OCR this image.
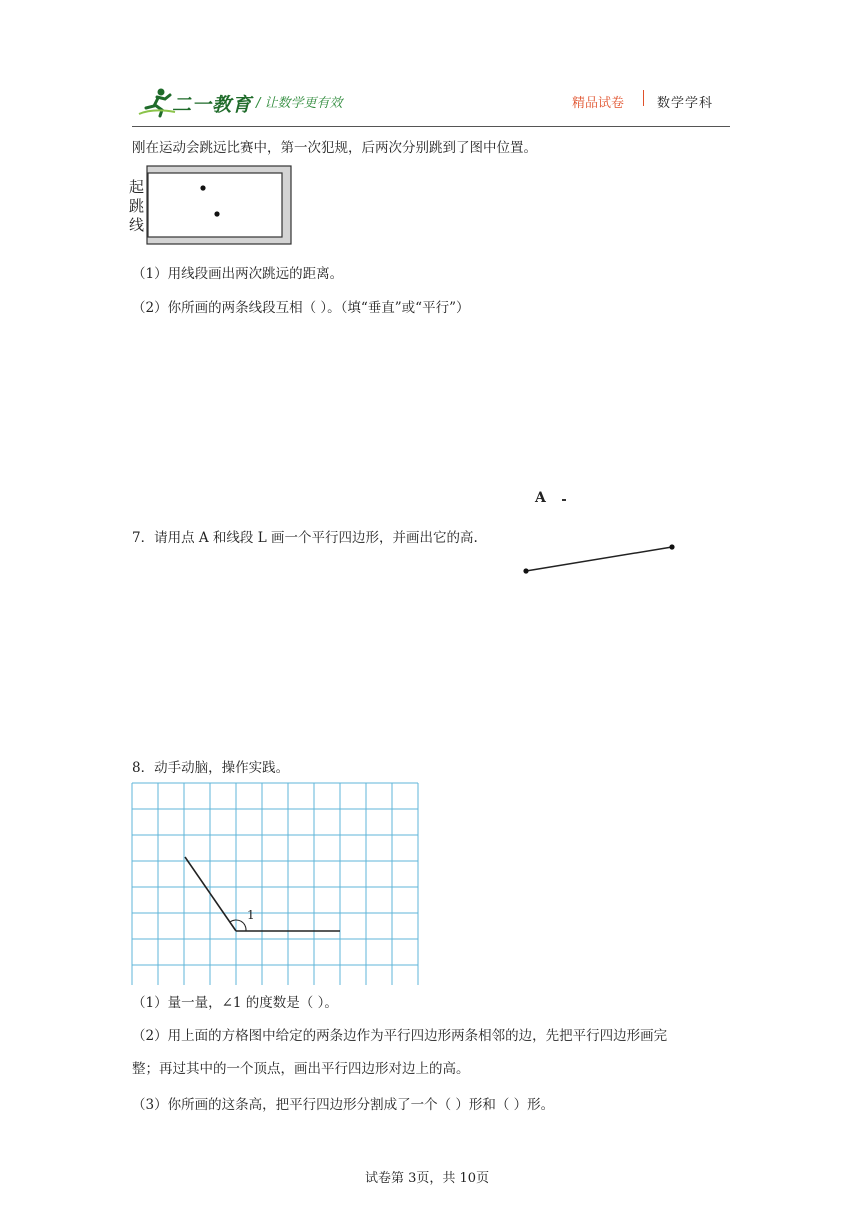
二一教育 / 让数学更有效	精品试卷	数学学科
刚在运动会跳远比赛中，第一次犯规，后两次分别跳到了图中位置。
起
跳
线
（1）用线段画出两次跳远的距离。
（2）你所画的两条线段互相（ ）。（填“垂直”或“平行”）
7．请用点 A 和线段 L 画一个平行四边形，并画出它的高.
A
8．动手动脑，操作实践。
1
（1）量一量，∠1 的度数是（ ）。
（2）用上面的方格图中给定的两条边作为平行四边形两条相邻的边，先把平行四边形画完
整；再过其中的一个顶点，画出平行四边形对边上的高。
（3）你所画的这条高，把平行四边形分割成了一个（ ）形和（ ）形。
试卷第 3页，共 10页
